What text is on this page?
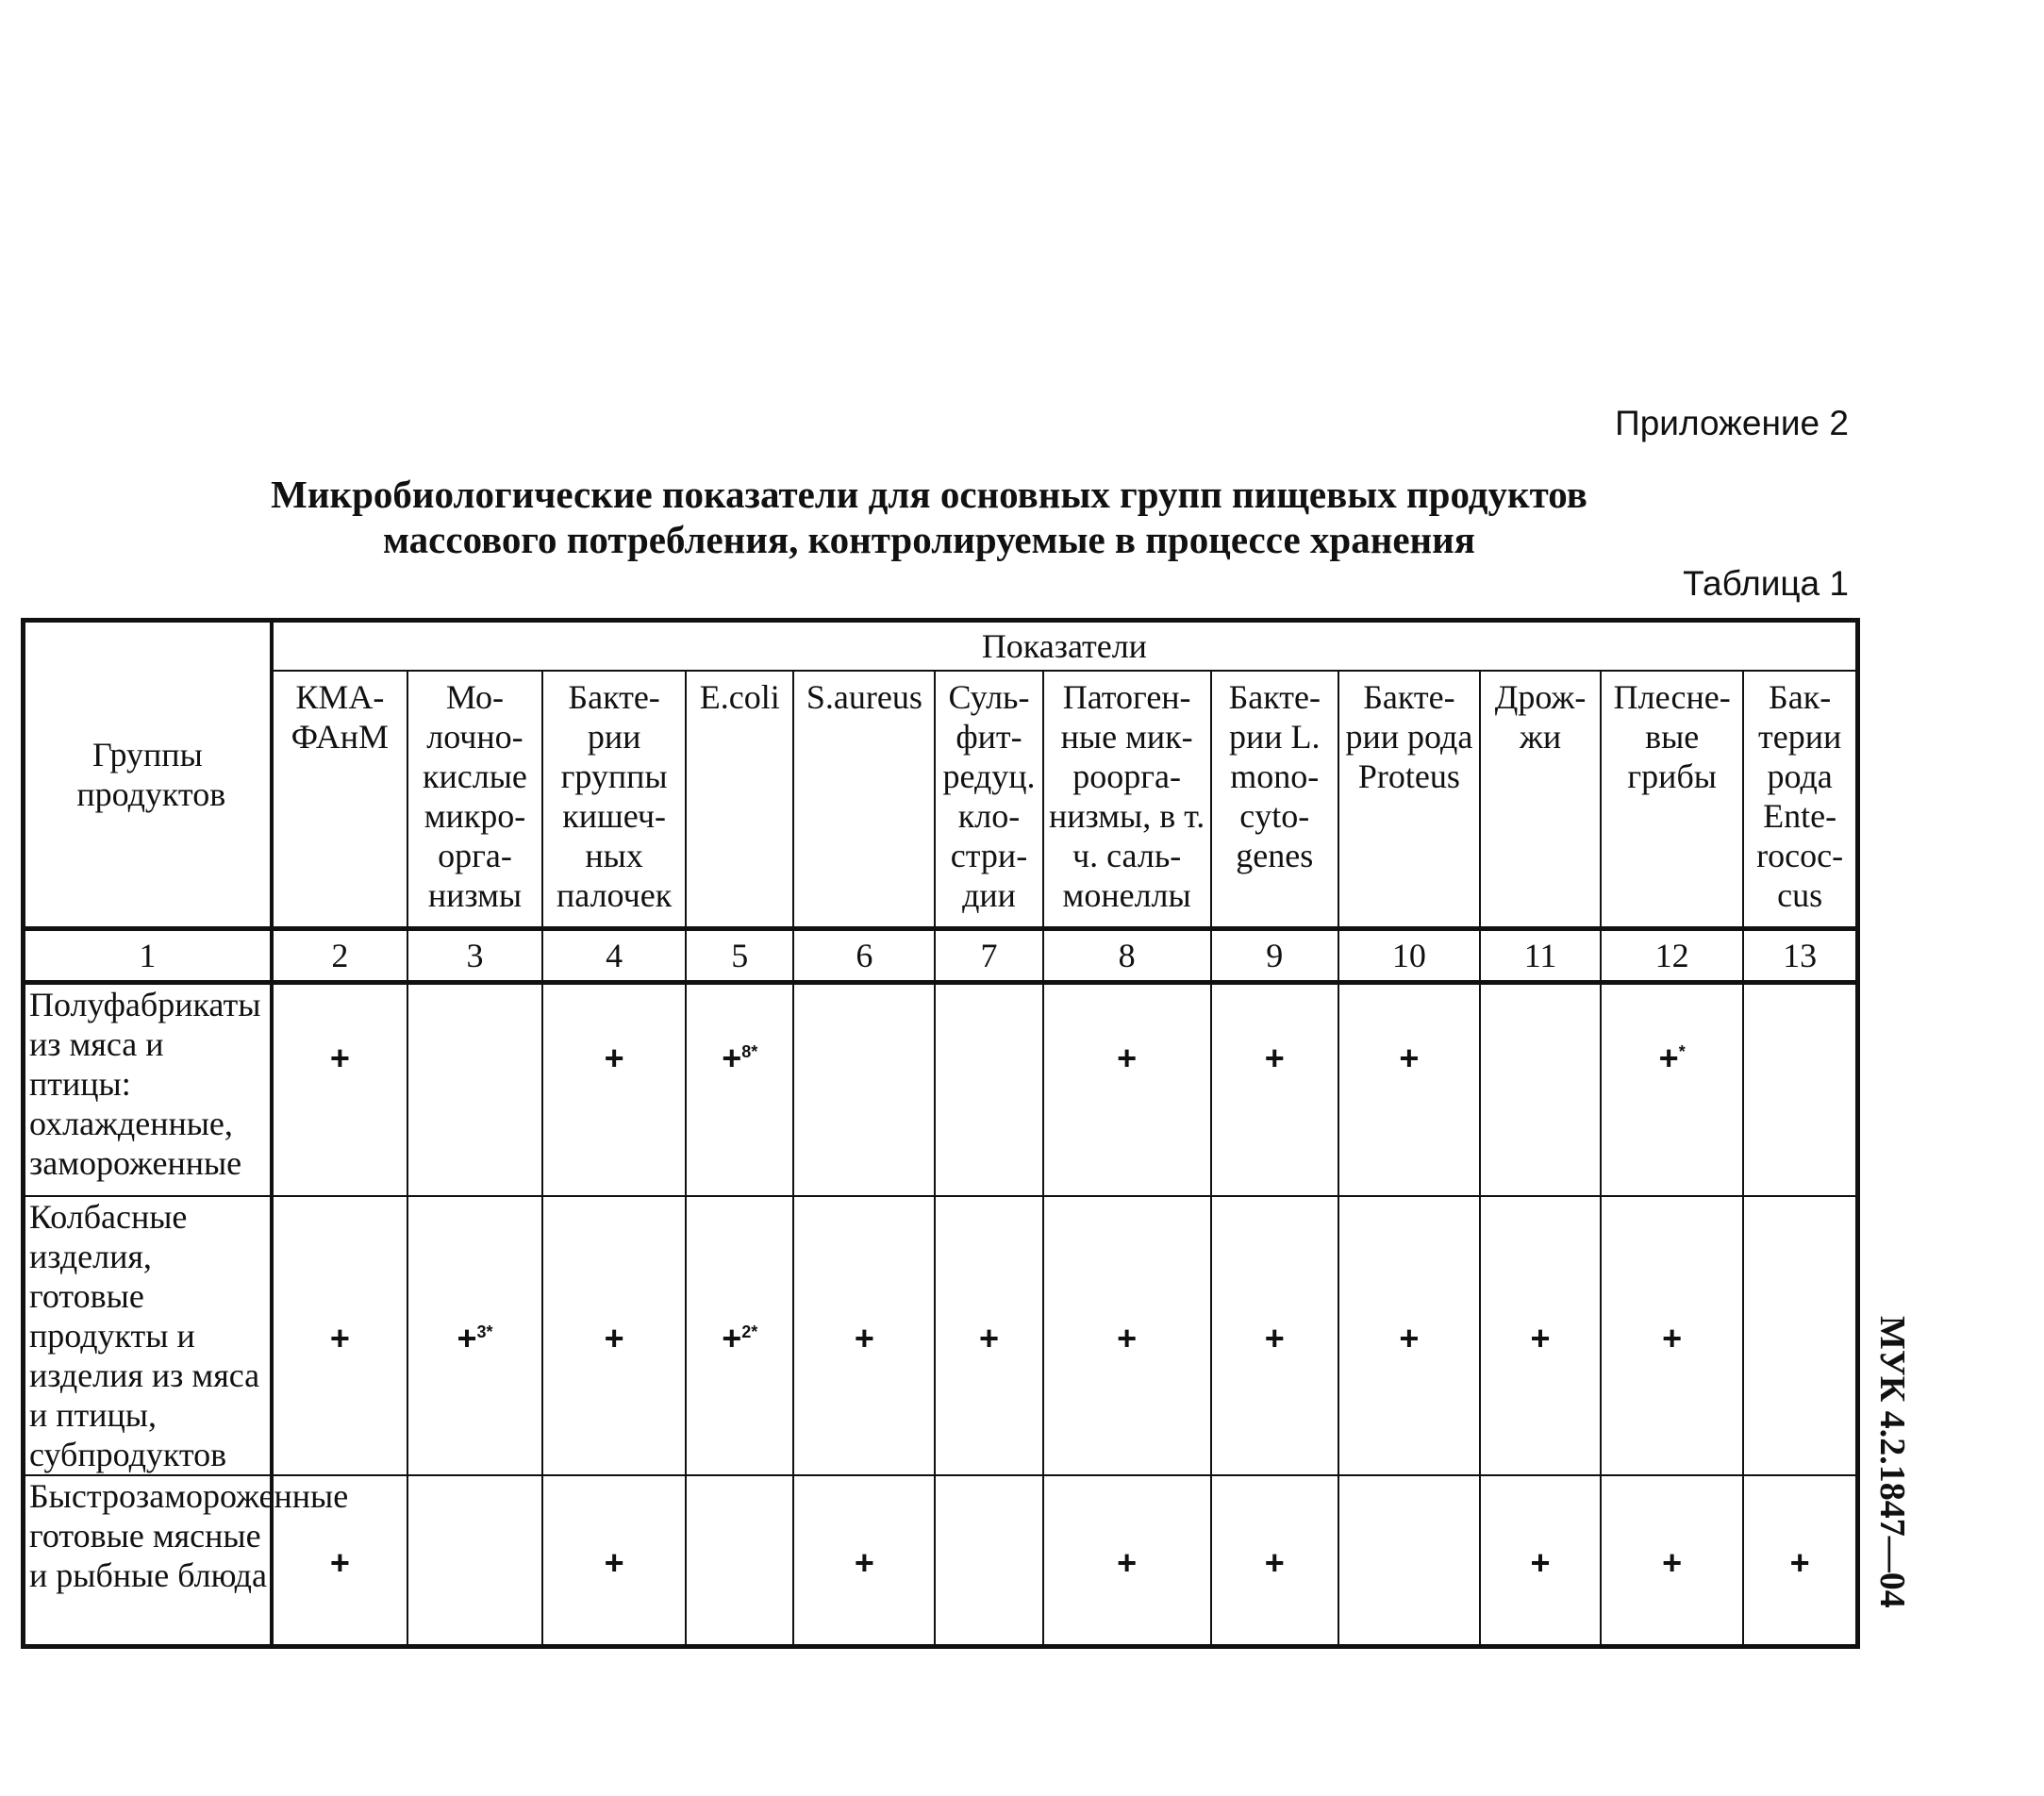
Приложение 2
Микробиологические показатели для основных групп пищевых продуктов
массового потребления, контролируемые в процессе хранения
Таблица 1
Группы продуктов	Показатели											

	КМА-ФАнМ	Мо-лочно-кислые микро-орга-низмы	Бакте-рии группы кишеч-ных палочек	E.coli	S.aureus	Суль-фит-редуц. кло-стри-дии	Патоген-ные мик-роорга-низмы, в т. ч. саль-монеллы	Бакте-рии L. mono-cyto-genes	Бакте-рии рода Proteus	Дрож-жи	Плесне-вые грибы	Бак-терии рода Ente-rococ-cus

1	2	3	4	5	6	7	8	9	10	11	12	13
Полуфабрикаты из мяса и птицы: охлажденные, замороженные	+		+	+$^{8*}$			+	+	+		+*	
Колбасные изделия, готовые продукты и изделия из мяса и птицы, субпродуктов	+	+$^{3*}$	+	+$^{2*}$	+	+	+	+	+	+	+	
Быстрозамороженные готовые мясные и рыбные блюда	+		+		+		+	+		+	+	+ МУК 4.2.1847—04
